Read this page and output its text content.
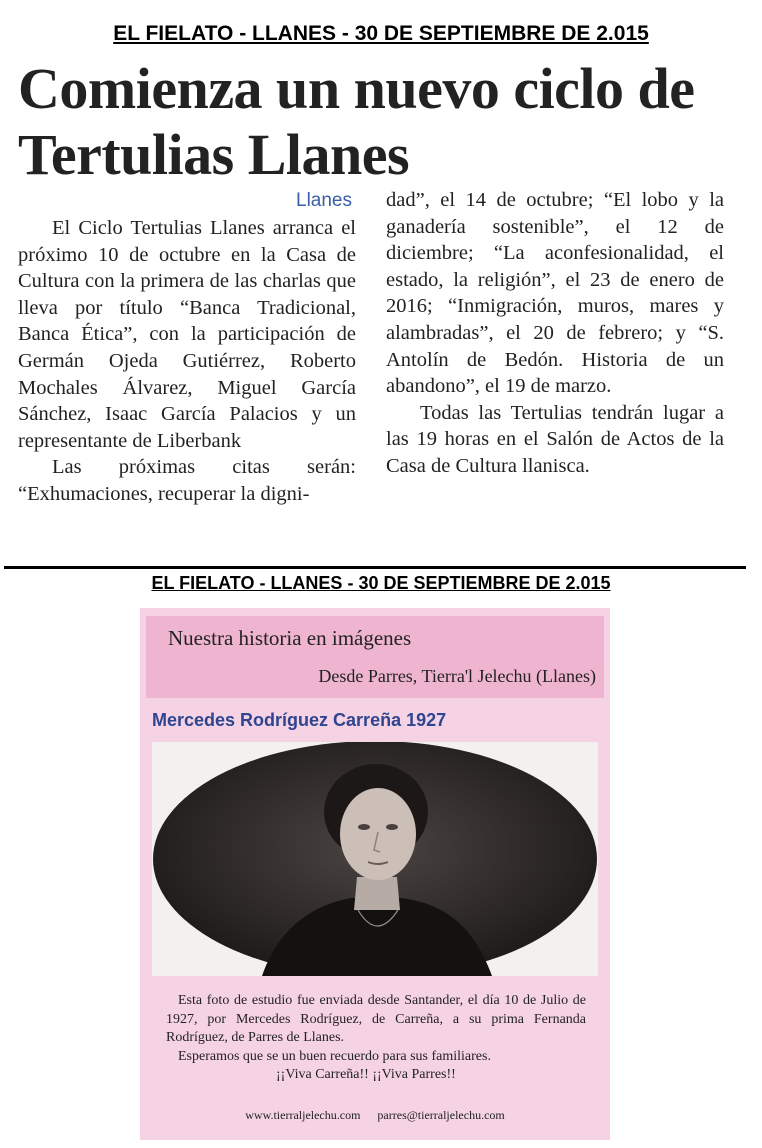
EL FIELATO - LLANES - 30 DE SEPTIEMBRE DE 2.015
Comienza un nuevo ciclo de Tertulias Llanes
Llanes

El Ciclo Tertulias Llanes arranca el próximo 10 de octubre en la Casa de Cultura con la primera de las charlas que lleva por título “Banca Tradicional, Banca Ética”, con la participación de Germán Ojeda Gutiérrez, Roberto Mochales Álvarez, Miguel García Sánchez, Isaac García Palacios y un representante de Liberbank

Las próximas citas serán: “Exhumaciones, recuperar la digni-

dad”, el 14 de octubre; “El lobo y la ganadería sostenible”, el 12 de diciembre; “La aconfesionalidad, el estado, la religión”, el 23 de enero de 2016; “Inmigración, muros, mares y alambradas”, el 20 de febrero; y “S. Antolín de Bedón. Historia de un abandono”, el 19 de marzo.

Todas las Tertulias tendrán lugar a las 19 horas en el Salón de Actos de la Casa de Cultura llanisca.

EL FIELATO - LLANES - 30 DE SEPTIEMBRE DE 2.015
Nuestra historia en imágenes
Desde Parres, Tierra'l Jelechu (Llanes)
Mercedes Rodríguez Carreña 1927

Esta foto de estudio fue enviada desde Santander, el día 10 de Julio de 1927, por Mercedes Rodríguez, de Carreña, a su prima Fernanda Rodríguez, de Parres de Llanes.

Esperamos que se un buen recuerdo para sus familiares.

¡¡Viva Carreña!! ¡¡Viva Parres!!

www.tierraljelechu.com parres@tierraljelechu.com
